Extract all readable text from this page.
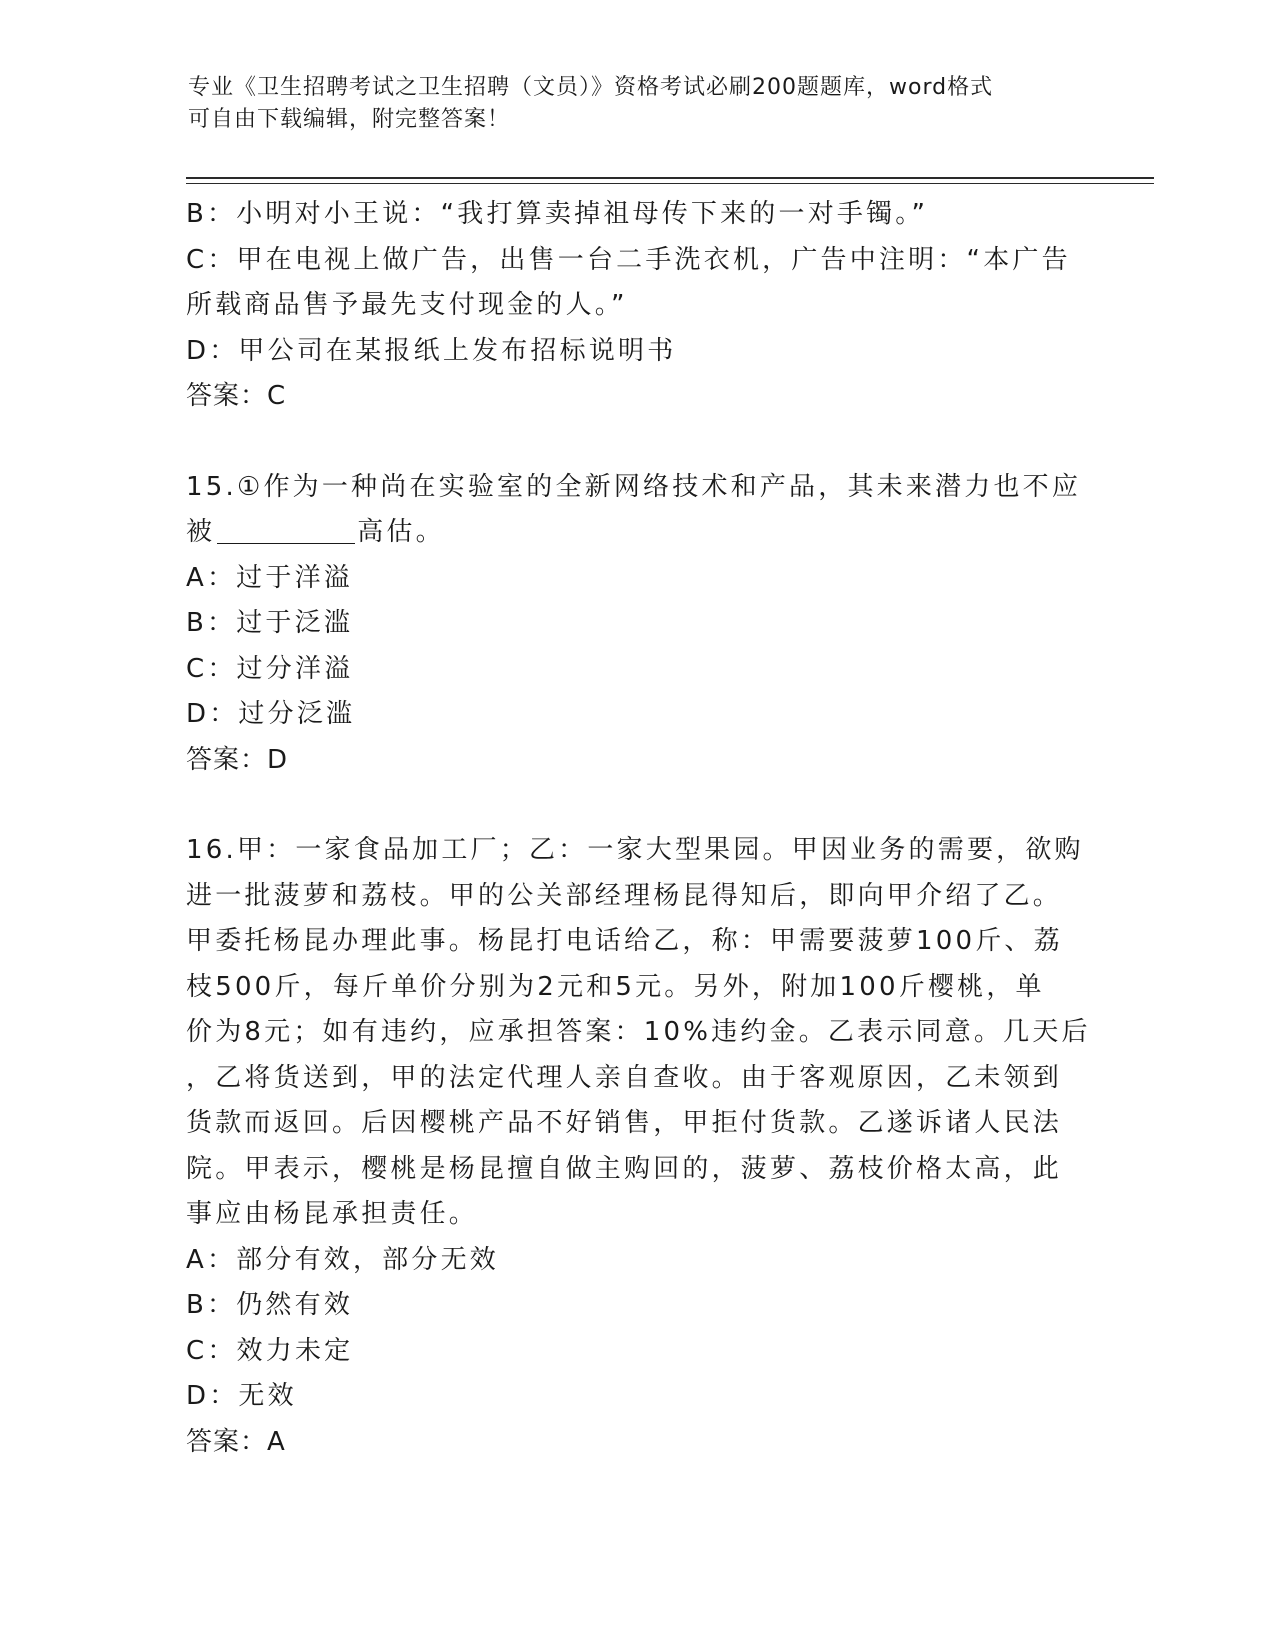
专业《卫生招聘考试之卫生招聘（文员）》资格考试必刷200题题库，word格式
可自由下载编辑，附完整答案！
B：小明对小王说：“我打算卖掉祖母传下来的一对手镯。”
C：甲在电视上做广告，出售一台二手洗衣机，广告中注明：“本广告
所载商品售予最先支付现金的人。”
D：甲公司在某报纸上发布招标说明书
答案：C
15.①作为一种尚在实验室的全新网络技术和产品，其未来潜力也不应
被	高估。
A：过于洋溢
B：过于泛滥
C：过分洋溢
D：过分泛滥
答案：D
16.甲：一家食品加工厂；乙：一家大型果园。甲因业务的需要，欲购
进一批菠萝和荔枝。甲的公关部经理杨昆得知后，即向甲介绍了乙。
甲委托杨昆办理此事。杨昆打电话给乙，称：甲需要菠萝100斤、荔
枝500斤，每斤单价分别为2元和5元。另外，附加100斤樱桃，单
价为8元；如有违约，应承担答案：10%违约金。乙表示同意。几天后
，乙将货送到，甲的法定代理人亲自查收。由于客观原因，乙未领到
货款而返回。后因樱桃产品不好销售，甲拒付货款。乙遂诉诸人民法
院。甲表示，樱桃是杨昆擅自做主购回的，菠萝、荔枝价格太高，此
事应由杨昆承担责任。
A：部分有效，部分无效
B：仍然有效
C：效力未定
D：无效
答案：A
